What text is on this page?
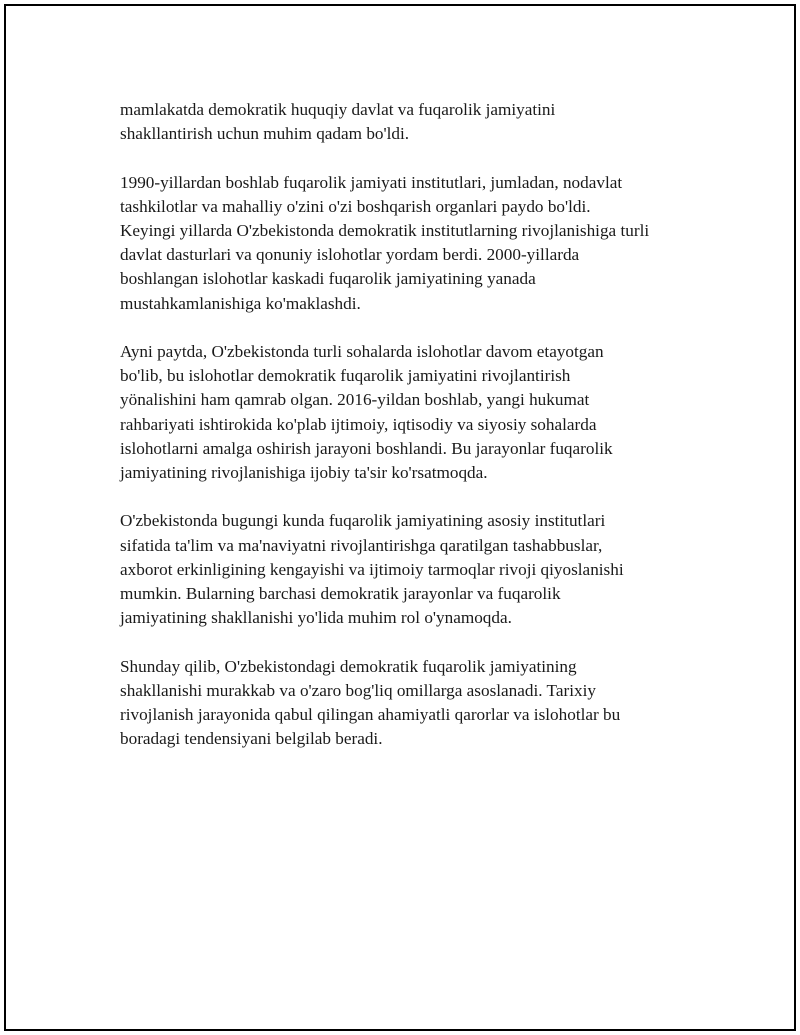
mamlakatda demokratik huquqiy davlat va fuqarolik jamiyatini
shakllantirish uchun muhim qadam bo'ldi.

1990-yillardan boshlab fuqarolik jamiyati institutlari, jumladan, nodavlat
tashkilotlar va mahalliy o'zini o'zi boshqarish organlari paydo bo'ldi.
Keyingi yillarda O'zbekistonda demokratik institutlarning rivojlanishiga turli
davlat dasturlari va qonuniy islohotlar yordam berdi. 2000-yillarda
boshlangan islohotlar kaskadi fuqarolik jamiyatining yanada
mustahkamlanishiga ko'maklashdi.

Ayni paytda, O'zbekistonda turli sohalarda islohotlar davom etayotgan
bo'lib, bu islohotlar demokratik fuqarolik jamiyatini rivojlantirish
yönalishini ham qamrab olgan. 2016-yildan boshlab, yangi hukumat
rahbariyati ishtirokida ko'plab ijtimoiy, iqtisodiy va siyosiy sohalarda
islohotlarni amalga oshirish jarayoni boshlandi. Bu jarayonlar fuqarolik
jamiyatining rivojlanishiga ijobiy ta'sir ko'rsatmoqda.

O'zbekistonda bugungi kunda fuqarolik jamiyatining asosiy institutlari
sifatida ta'lim va ma'naviyatni rivojlantirishga qaratilgan tashabbuslar,
axborot erkinligining kengayishi va ijtimoiy tarmoqlar rivoji qiyoslanishi
mumkin. Bularning barchasi demokratik jarayonlar va fuqarolik
jamiyatining shakllanishi yo'lida muhim rol o'ynamoqda.

Shunday qilib, O'zbekistondagi demokratik fuqarolik jamiyatining
shakllanishi murakkab va o'zaro bog'liq omillarga asoslanadi. Tarixiy
rivojlanish jarayonida qabul qilingan ahamiyatli qarorlar va islohotlar bu
boradagi tendensiyani belgilab beradi.
